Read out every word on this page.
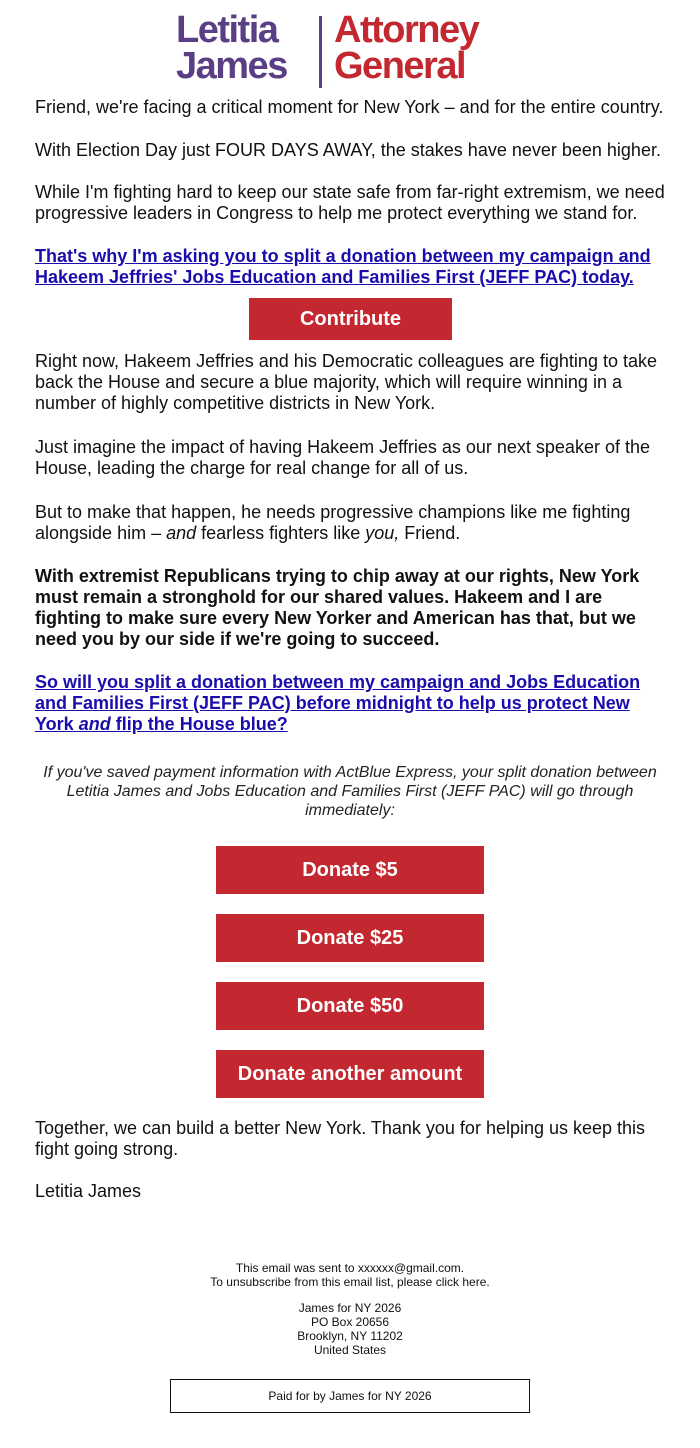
Letitia
James
Attorney
General
Friend, we're facing a critical moment for New York – and for the entire country.
With Election Day just FOUR DAYS AWAY, the stakes have never been higher.
While I'm fighting hard to keep our state safe from far-right extremism, we need progressive leaders in Congress to help me protect everything we stand for.
That's why I'm asking you to split a donation between my campaign and Hakeem Jeffries' Jobs Education and Families First (JEFF PAC) today.
Contribute
Right now, Hakeem Jeffries and his Democratic colleagues are fighting to take back the House and secure a blue majority, which will require winning in a number of highly competitive districts in New York.
Just imagine the impact of having Hakeem Jeffries as our next speaker of the House, leading the charge for real change for all of us.
But to make that happen, he needs progressive champions like me fighting alongside him – and fearless fighters like you, Friend.
With extremist Republicans trying to chip away at our rights, New York must remain a stronghold for our shared values. Hakeem and I are fighting to make sure every New Yorker and American has that, but we need you by our side if we're going to succeed.
So will you split a donation between my campaign and Jobs Education and Families First (JEFF PAC) before midnight to help us protect New York and flip the House blue?
If you've saved payment information with ActBlue Express, your split donation between Letitia James and Jobs Education and Families First (JEFF PAC) will go through immediately:
Donate $5
Donate $25
Donate $50
Donate another amount
Together, we can build a better New York. Thank you for helping us keep this fight going strong.
Letitia James
This email was sent to xxxxxx@gmail.com.
To unsubscribe from this email list, please click here.
James for NY 2026
PO Box 20656
Brooklyn, NY 11202
United States
Paid for by James for NY 2026
